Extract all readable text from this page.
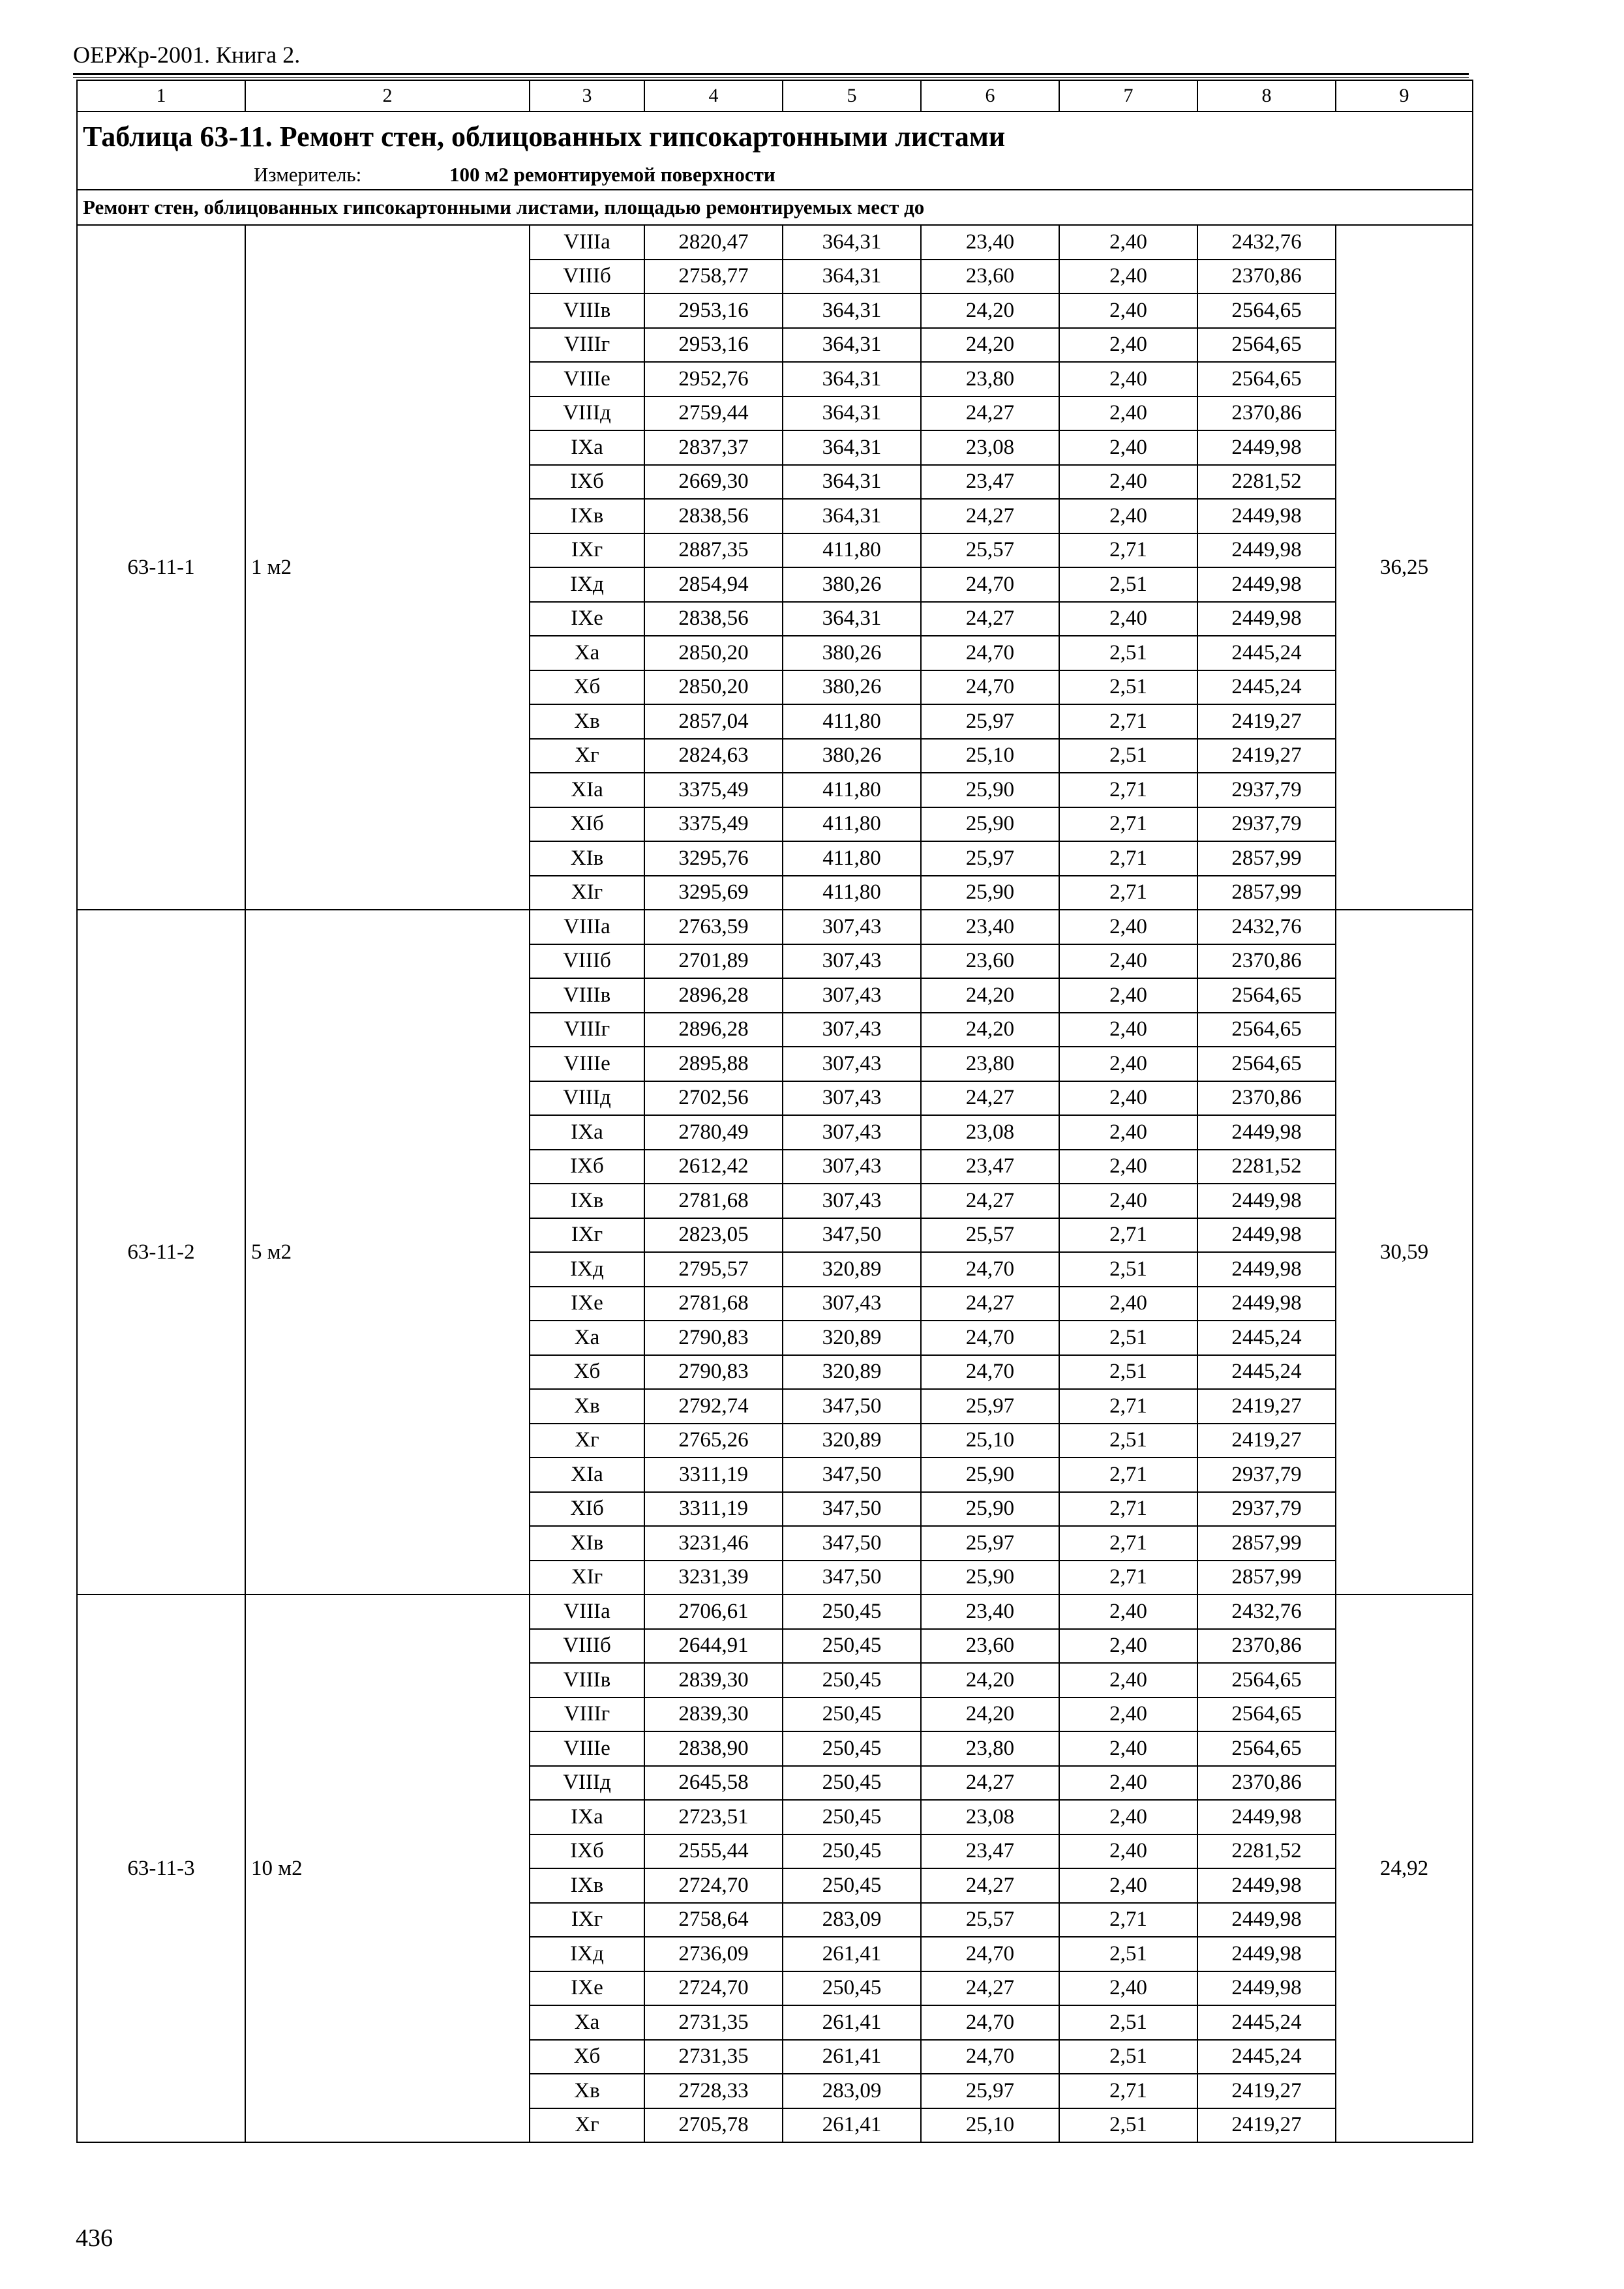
ОЕРЖр-2001. Книга 2.
1	2	3	4	5	6	7	8	9
Таблица 63-11. Ремонт стен, облицованных гипсокартонными листами								
Измеритель: 100 м2 ремонтируемой поверхности								
Ремонт стен, облицованных гипсокартонными листами, площадью ремонтируемых мест до								
63-11-1	1 м2	VIIIа	2820,47	364,31	23,40	2,40	2432,76	36,25
		VIIIб	2758,77	364,31	23,60	2,40	2370,86	
		VIIIв	2953,16	364,31	24,20	2,40	2564,65	
		VIIIг	2953,16	364,31	24,20	2,40	2564,65	
		VIIIе	2952,76	364,31	23,80	2,40	2564,65	
		VIIIд	2759,44	364,31	24,27	2,40	2370,86	
		IXа	2837,37	364,31	23,08	2,40	2449,98	
		IXб	2669,30	364,31	23,47	2,40	2281,52	
		IXв	2838,56	364,31	24,27	2,40	2449,98	
		IXг	2887,35	411,80	25,57	2,71	2449,98	
		IXд	2854,94	380,26	24,70	2,51	2449,98	
		IXе	2838,56	364,31	24,27	2,40	2449,98	
		Xа	2850,20	380,26	24,70	2,51	2445,24	
		Xб	2850,20	380,26	24,70	2,51	2445,24	
		Xв	2857,04	411,80	25,97	2,71	2419,27	
		Xг	2824,63	380,26	25,10	2,51	2419,27	
		XIа	3375,49	411,80	25,90	2,71	2937,79	
		XIб	3375,49	411,80	25,90	2,71	2937,79	
		XIв	3295,76	411,80	25,97	2,71	2857,99	
		XIг	3295,69	411,80	25,90	2,71	2857,99	
63-11-2	5 м2	VIIIа	2763,59	307,43	23,40	2,40	2432,76	30,59
		VIIIб	2701,89	307,43	23,60	2,40	2370,86	
		VIIIв	2896,28	307,43	24,20	2,40	2564,65	
		VIIIг	2896,28	307,43	24,20	2,40	2564,65	
		VIIIе	2895,88	307,43	23,80	2,40	2564,65	
		VIIIд	2702,56	307,43	24,27	2,40	2370,86	
		IXа	2780,49	307,43	23,08	2,40	2449,98	
		IXб	2612,42	307,43	23,47	2,40	2281,52	
		IXв	2781,68	307,43	24,27	2,40	2449,98	
		IXг	2823,05	347,50	25,57	2,71	2449,98	
		IXд	2795,57	320,89	24,70	2,51	2449,98	
		IXе	2781,68	307,43	24,27	2,40	2449,98	
		Xа	2790,83	320,89	24,70	2,51	2445,24	
		Xб	2790,83	320,89	24,70	2,51	2445,24	
		Xв	2792,74	347,50	25,97	2,71	2419,27	
		Xг	2765,26	320,89	25,10	2,51	2419,27	
		XIа	3311,19	347,50	25,90	2,71	2937,79	
		XIб	3311,19	347,50	25,90	2,71	2937,79	
		XIв	3231,46	347,50	25,97	2,71	2857,99	
		XIг	3231,39	347,50	25,90	2,71	2857,99	
63-11-3	10 м2	VIIIа	2706,61	250,45	23,40	2,40	2432,76	24,92
		VIIIб	2644,91	250,45	23,60	2,40	2370,86	
		VIIIв	2839,30	250,45	24,20	2,40	2564,65	
		VIIIг	2839,30	250,45	24,20	2,40	2564,65	
		VIIIе	2838,90	250,45	23,80	2,40	2564,65	
		VIIIд	2645,58	250,45	24,27	2,40	2370,86	
		IXа	2723,51	250,45	23,08	2,40	2449,98	
		IXб	2555,44	250,45	23,47	2,40	2281,52	
		IXв	2724,70	250,45	24,27	2,40	2449,98	
		IXг	2758,64	283,09	25,57	2,71	2449,98	
		IXд	2736,09	261,41	24,70	2,51	2449,98	
		IXе	2724,70	250,45	24,27	2,40	2449,98	
		Xа	2731,35	261,41	24,70	2,51	2445,24	
		Xб	2731,35	261,41	24,70	2,51	2445,24	
		Xв	2728,33	283,09	25,97	2,71	2419,27	
		Xг	2705,78	261,41	25,10	2,51	2419,27	
436
